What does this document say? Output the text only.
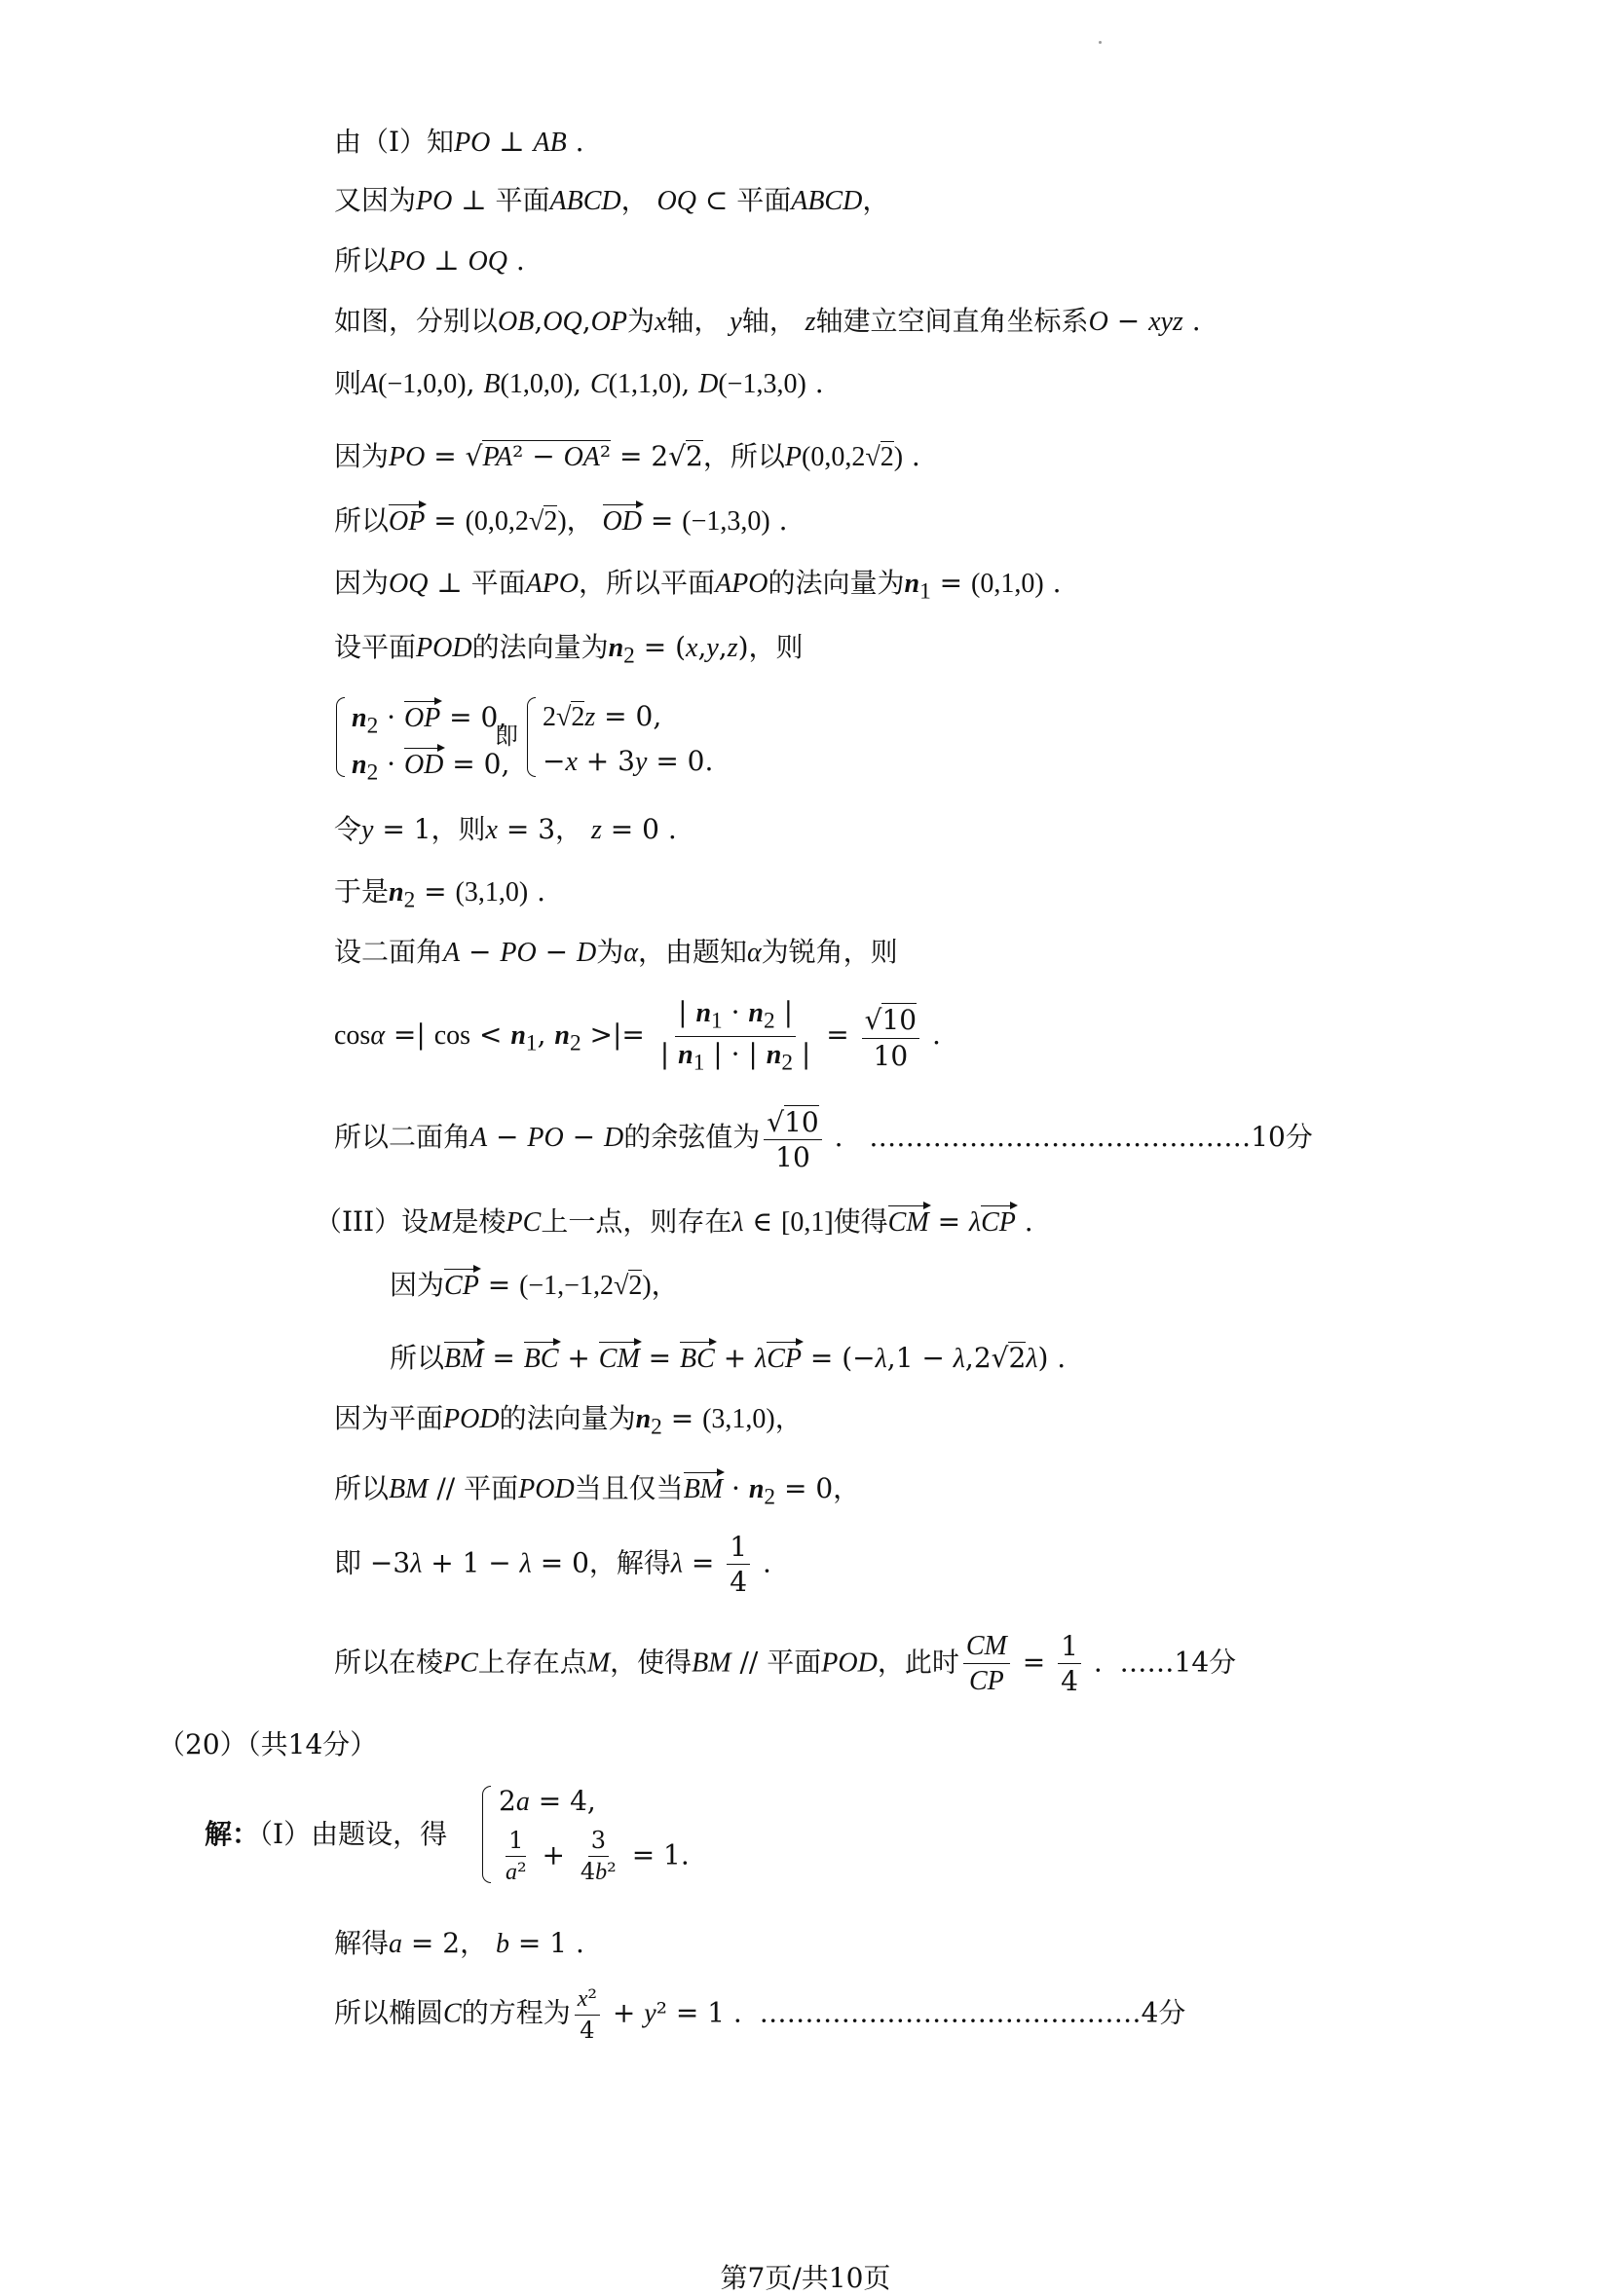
由（Ⅰ）知PO ⊥ AB .
又因为PO ⊥ 平面ABCD， OQ ⊂ 平面ABCD，
所以PO ⊥ OQ .
如图，分别以OB,OQ,OP为x轴， y轴， z轴建立空间直角坐标系O − xyz .
则A(−1,0,0), B(1,0,0), C(1,1,0), D(−1,3,0) .
因为PO = √PA² − OA² = 2√2，所以P(0,0,2√2) .
所以OP = (0,0,2√2)， OD = (−1,3,0) .
因为OQ ⊥ 平面APO，所以平面APO的法向量为$n_1 = (0,1,0)$ .
设平面POD的法向量为$n_2 = (x,y,z)$，则
$n_2$ · OP = 0,
$n_2$ · OD = 0,
即
2√2z = 0,
−x + 3y = 0.
令y = 1，则x = 3， z = 0 .
于是$n_2 = (3,1,0)$ .
设二面角A − PO − D为α，由题知α为锐角，则
cosα =| $\cos < n_1$, $n_2$ >|= $\frac{| n_1 \cdot n_2 |}{| n_1 | \cdot | n_2 |} = \frac{√10}{10}$ .
所以二面角A − PO − D的余弦值为 $\frac{√10}{10}$ .   ……………………………………10分
（III）设M是棱PC上一点，则存在λ ∈ [0,1]使得CM = λCP .
因为CP = (−1,−1,2√2)，
所以BM = BC + CM = BC + λCP = (−λ,1 − λ,2√2λ) .
因为平面POD的法向量为$n_2 = (3,1,0)$，
所以BM // 平面POD当且仅当BM · $n_2 = 0$，
即 −3λ + 1 − λ = 0，解得$\lambda = \frac{1}{4}$ .
所以在棱PC上存在点M，使得BM // 平面POD，此时 $\frac{CM}{CP} = \frac{1}{4}$ .  ……14分
（20）（共14分）
解：（Ⅰ）由题设，得
2a = 4,
$\frac{1}{\text{a²}} + \frac{3}{\text{4b²}} = 1$.
解得a = 2， b = 1 .
所以椭圆C的方程为 $\frac{\text{x²}}{4} + y^2 = 1$ .  ……………………………………4分
第7页/共10页
